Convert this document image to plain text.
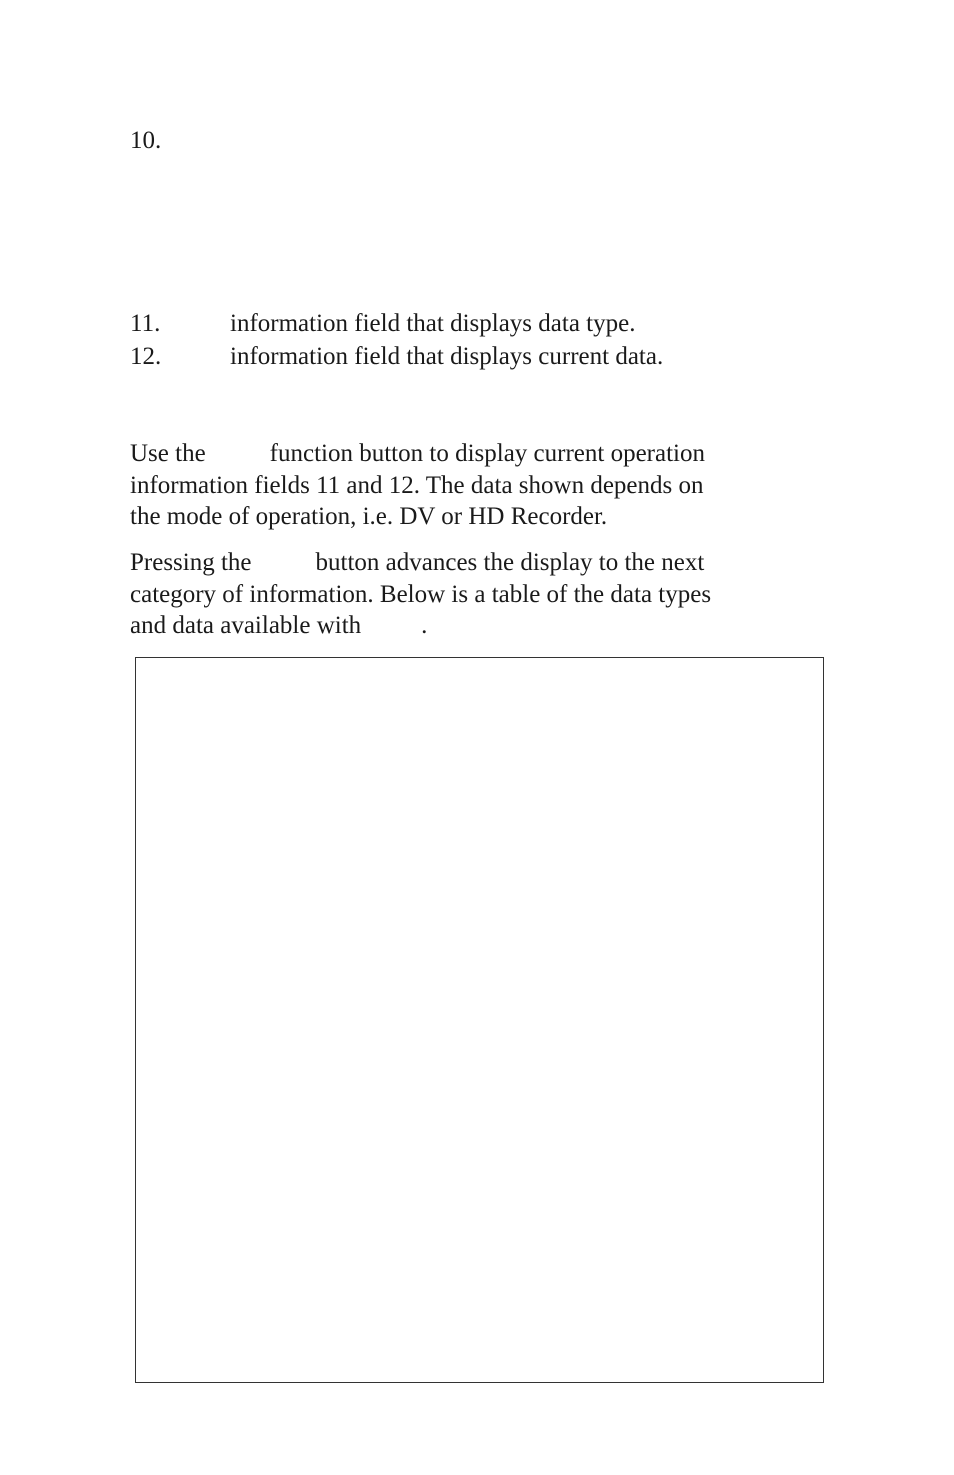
10.
11.	information field that displays data type.
12.	information field that displays current data.
Use the	function button to display current operation
information fields 11 and 12. The data shown depends on
the mode of operation, i.e. DV or HD Recorder.
Pressing the	button advances the display to the next
category of information. Below is a table of the data types
and data available with .
